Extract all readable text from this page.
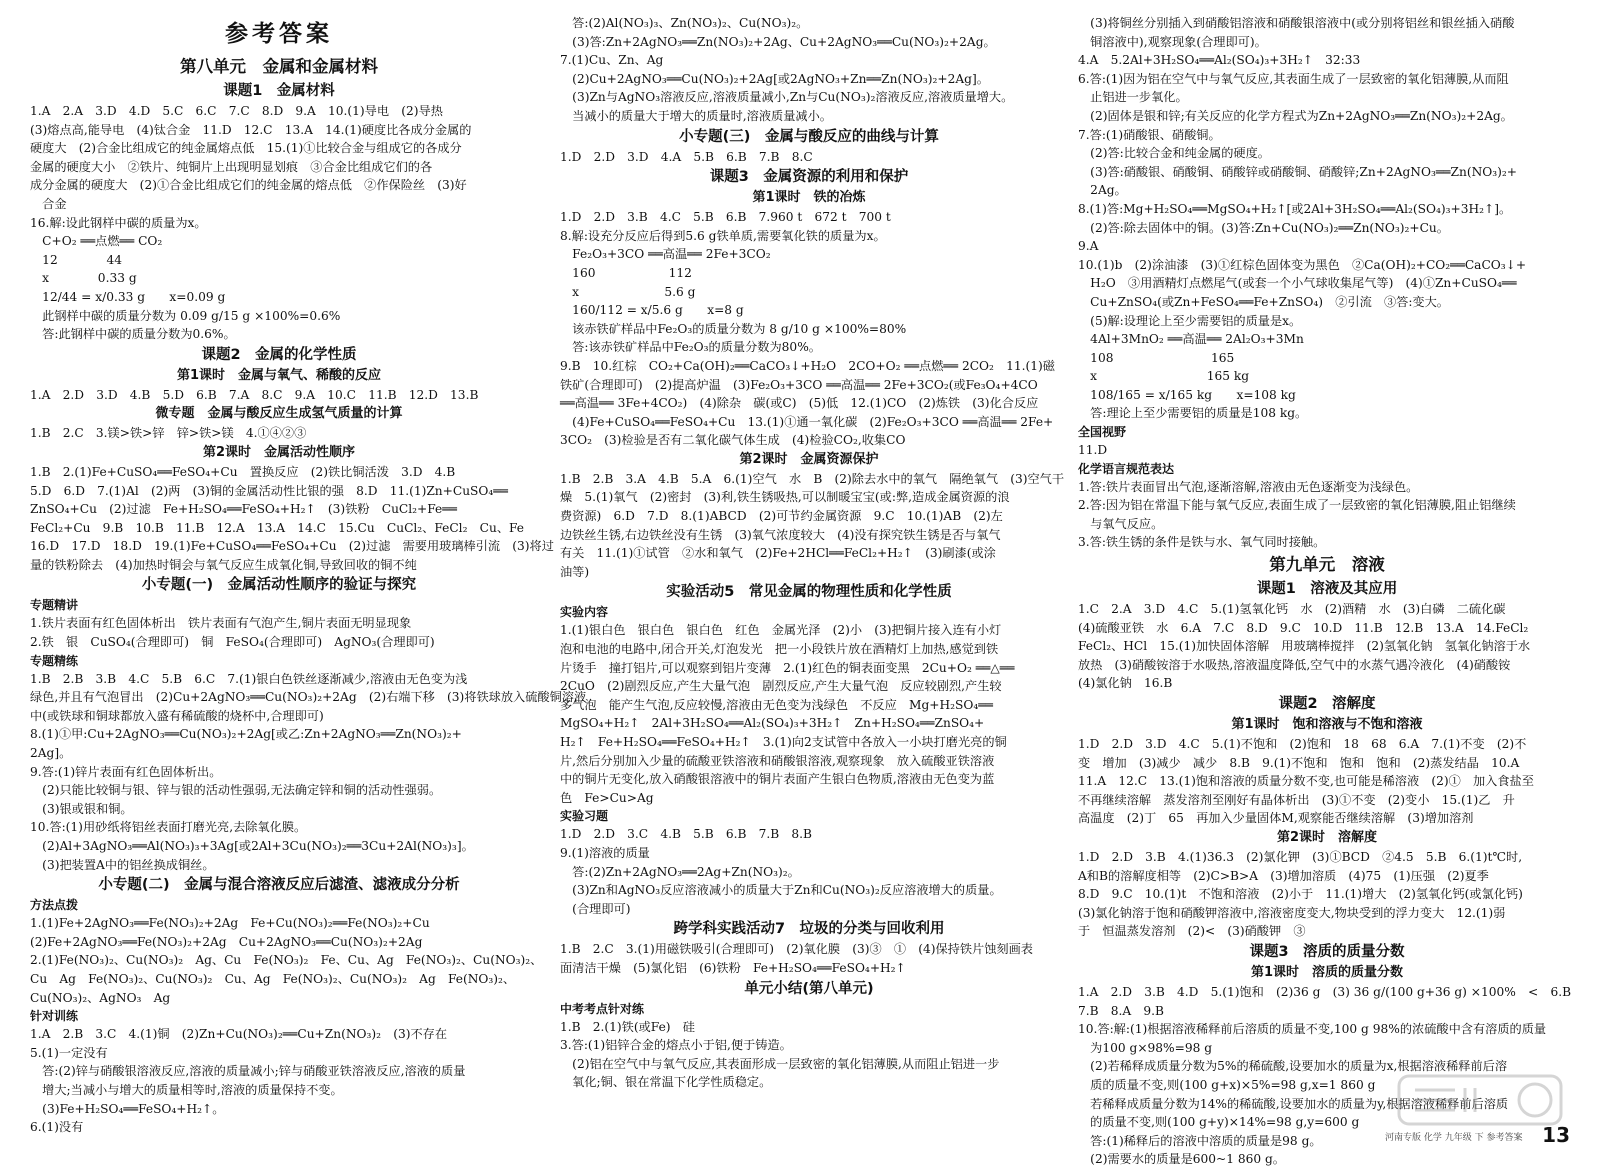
参考答案
第八单元　金属和金属材料
课题1　金属材料
1.A　2.A　3.D　4.D　5.C　6.C　7.C　8.D　9.A　10.(1)导电　(2)导热
(3)熔点高,能导电　(4)钛合金　11.D　12.C　13.A　14.(1)硬度比各成分金属的
硬度大　(2)合金比组成它的纯金属熔点低　15.(1)①比较合金与组成它的各成分
金属的硬度大小　②铁片、纯铜片上出现明显划痕　③合金比组成它们的各
成分金属的硬度大　(2)①合金比组成它们的纯金属的熔点低　②作保险丝　(3)好
　合金
16.解:设此钢样中碳的质量为x。
　C+O₂ ══点燃══ CO₂
　12　　　　44
　x　　　　0.33 g
　12/44 = x/0.33 g　　x=0.09 g
　此钢样中碳的质量分数为 0.09 g/15 g ×100%=0.6%
　答:此钢样中碳的质量分数为0.6%。
课题2　金属的化学性质
第1课时　金属与氧气、稀酸的反应
1.A　2.D　3.D　4.B　5.D　6.B　7.A　8.C　9.A　10.C　11.B　12.D　13.B
微专题　金属与酸反应生成氢气质量的计算
1.B　2.C　3.镁>铁>锌　锌>铁>镁　4.①④②③
第2课时　金属活动性顺序
1.B　2.(1)Fe+CuSO₄══FeSO₄+Cu　置换反应　(2)铁比铜活泼　3.D　4.B
5.D　6.D　7.(1)Al　(2)两　(3)铜的金属活动性比银的强　8.D　11.(1)Zn+CuSO₄══
ZnSO₄+Cu　(2)过滤　Fe+H₂SO₄══FeSO₄+H₂↑　(3)铁粉　CuCl₂+Fe══
FeCl₂+Cu　9.B　10.B　11.B　12.A　13.A　14.C　15.Cu　CuCl₂、FeCl₂　Cu、Fe
16.D　17.D　18.D　19.(1)Fe+CuSO₄══FeSO₄+Cu　(2)过滤　需要用玻璃棒引流　(3)将过
量的铁粉除去　(4)加热时铜会与氧气反应生成氧化铜,导致回收的铜不纯
小专题(一)　金属活动性顺序的验证与探究
专题精讲
1.铁片表面有红色固体析出　铁片表面有气泡产生,铜片表面无明显现象
2.铁　银　CuSO₄(合理即可)　铜　FeSO₄(合理即可)　AgNO₃(合理即可)
专题精练
1.B　2.B　3.B　4.C　5.B　6.C　7.(1)银白色铁丝逐渐减少,溶液由无色变为浅
绿色,并且有气泡冒出　(2)Cu+2AgNO₃══Cu(NO₃)₂+2Ag　(2)右端下移　(3)将铁球放入硫酸铜溶液
中(或铁球和铜球都放入盛有稀硫酸的烧杯中,合理即可)
8.(1)①甲:Cu+2AgNO₃══Cu(NO₃)₂+2Ag[或乙:Zn+2AgNO₃══Zn(NO₃)₂+
2Ag]。
9.答:(1)锌片表面有红色固体析出。
　(2)只能比较铜与银、锌与银的活动性强弱,无法确定锌和铜的活动性强弱。
　(3)银或银和铜。
10.答:(1)用砂纸将铝丝表面打磨光亮,去除氧化膜。
　(2)Al+3AgNO₃══Al(NO₃)₃+3Ag[或2Al+3Cu(NO₃)₂══3Cu+2Al(NO₃)₃]。
　(3)把装置A中的铝丝换成铜丝。
小专题(二)　金属与混合溶液反应后滤渣、滤液成分分析
方法点拨
1.(1)Fe+2AgNO₃══Fe(NO₃)₂+2Ag　Fe+Cu(NO₃)₂══Fe(NO₃)₂+Cu
(2)Fe+2AgNO₃══Fe(NO₃)₂+2Ag　Cu+2AgNO₃══Cu(NO₃)₂+2Ag
2.(1)Fe(NO₃)₂、Cu(NO₃)₂　Ag、Cu　Fe(NO₃)₂　Fe、Cu、Ag　Fe(NO₃)₂、Cu(NO₃)₂、
Cu　Ag　Fe(NO₃)₂、Cu(NO₃)₂　Cu、Ag　Fe(NO₃)₂、Cu(NO₃)₂　Ag　Fe(NO₃)₂、
Cu(NO₃)₂、AgNO₃　Ag
针对训练
1.A　2.B　3.C　4.(1)铜　(2)Zn+Cu(NO₃)₂══Cu+Zn(NO₃)₂　(3)不存在
5.(1)一定没有
　答:(2)锌与硝酸银溶液反应,溶液的质量减小;锌与硝酸亚铁溶液反应,溶液的质量
　增大;当减小与增大的质量相等时,溶液的质量保持不变。
　(3)Fe+H₂SO₄══FeSO₄+H₂↑。
6.(1)没有
　答:(2)Al(NO₃)₃、Zn(NO₃)₂、Cu(NO₃)₂。
　(3)答:Zn+2AgNO₃══Zn(NO₃)₂+2Ag、Cu+2AgNO₃══Cu(NO₃)₂+2Ag。
7.(1)Cu、Zn、Ag
　(2)Cu+2AgNO₃══Cu(NO₃)₂+2Ag[或2AgNO₃+Zn══Zn(NO₃)₂+2Ag]。
　(3)Zn与AgNO₃溶液反应,溶液质量减小,Zn与Cu(NO₃)₂溶液反应,溶液质量增大。
　当减小的质量大于增大的质量时,溶液质量减小。
小专题(三)　金属与酸反应的曲线与计算
1.D　2.D　3.D　4.A　5.B　6.B　7.B　8.C
课题3　金属资源的利用和保护
第1课时　铁的冶炼
1.D　2.D　3.B　4.C　5.B　6.B　7.960 t　672 t　700 t
8.解:设充分反应后得到5.6 g铁单质,需要氧化铁的质量为x。
　Fe₂O₃+3CO ══高温══ 2Fe+3CO₂
　160　　　　　　112
　x　　　　　　　5.6 g
　160/112 = x/5.6 g　　x=8 g
　该赤铁矿样品中Fe₂O₃的质量分数为 8 g/10 g ×100%=80%
　答:该赤铁矿样品中Fe₂O₃的质量分数为80%。
9.B　10.红棕　CO₂+Ca(OH)₂══CaCO₃↓+H₂O　2CO+O₂ ══点燃══ 2CO₂　11.(1)磁
铁矿(合理即可)　(2)提高炉温　(3)Fe₂O₃+3CO ══高温══ 2Fe+3CO₂(或Fe₃O₄+4CO
══高温══ 3Fe+4CO₂)　(4)除杂　碳(或C)　(5)低　12.(1)CO　(2)炼铁　(3)化合反应
　(4)Fe+CuSO₄══FeSO₄+Cu　13.(1)①通一氧化碳　(2)Fe₂O₃+3CO ══高温══ 2Fe+
3CO₂　(3)检验是否有二氧化碳气体生成　(4)检验CO₂,收集CO
第2课时　金属资源保护
1.B　2.B　3.A　4.B　5.A　6.(1)空气　水　B　(2)除去水中的氧气　隔绝氧气　(3)空气干
燥　5.(1)氧气　(2)密封　(3)利,铁生锈吸热,可以制暖宝宝(或:弊,造成金属资源的浪
费资源)　6.D　7.D　8.(1)ABCD　(2)可节约金属资源　9.C　10.(1)AB　(2)左
边铁丝生锈,右边铁丝没有生锈　(3)氧气浓度较大　(4)没有探究铁生锈是否与氧气
有关　11.(1)①试管　②水和氧气　(2)Fe+2HCl══FeCl₂+H₂↑　(3)刷漆(或涂
油等)
实验活动5　常见金属的物理性质和化学性质
实验内容
1.(1)银白色　银白色　银白色　红色　金属光泽　(2)小　(3)把铜片接入连有小灯
泡和电池的电路中,闭合开关,灯泡发光　把一小段铁片放在酒精灯上加热,感觉到铁
片烫手　撞打铝片,可以观察到铝片变薄　2.(1)红色的铜表面变黑　2Cu+O₂ ══△══
2CuO　(2)剧烈反应,产生大量气泡　剧烈反应,产生大量气泡　反应较剧烈,产生较
多气泡　能产生气泡,反应较慢,溶液由无色变为浅绿色　不反应　Mg+H₂SO₄══
MgSO₄+H₂↑　2Al+3H₂SO₄══Al₂(SO₄)₃+3H₂↑　Zn+H₂SO₄══ZnSO₄+
H₂↑　Fe+H₂SO₄══FeSO₄+H₂↑　3.(1)向2支试管中各放入一小块打磨光亮的铜
片,然后分别加入少量的硫酸亚铁溶液和硝酸银溶液,观察现象　放入硫酸亚铁溶液
中的铜片无变化,放入硝酸银溶液中的铜片表面产生银白色物质,溶液由无色变为蓝
色　Fe>Cu>Ag
实验习题
1.D　2.D　3.C　4.B　5.B　6.B　7.B　8.B
9.(1)溶液的质量
　答:(2)Zn+2AgNO₃══2Ag+Zn(NO₃)₂。
　(3)Zn和AgNO₃反应溶液减小的质量大于Zn和Cu(NO₃)₂反应溶液增大的质量。
　(合理即可)
跨学科实践活动7　垃圾的分类与回收利用
1.B　2.C　3.(1)用磁铁吸引(合理即可)　(2)氧化膜　(3)③　①　(4)保持铁片蚀刻画表
面清洁干燥　(5)氯化铝　(6)铁粉　Fe+H₂SO₄══FeSO₄+H₂↑
单元小结(第八单元)
中考考点针对练
1.B　2.(1)铁(或Fe)　硅
3.答:(1)铝锌合金的熔点小于铝,便于铸造。
　(2)铝在空气中与氧气反应,其表面形成一层致密的氧化铝薄膜,从而阻止铝进一步
　氧化;铜、银在常温下化学性质稳定。
　(3)将铜丝分别插入到硝酸铝溶液和硝酸银溶液中(或分别将铝丝和银丝插入硝酸
　铜溶液中),观察现象(合理即可)。
4.A　5.2Al+3H₂SO₄══Al₂(SO₄)₃+3H₂↑　32:33
6.答:(1)因为铝在空气中与氧气反应,其表面生成了一层致密的氧化铝薄膜,从而阻
　止铝进一步氧化。
　(2)固体是银和锌;有关反应的化学方程式为Zn+2AgNO₃══Zn(NO₃)₂+2Ag。
7.答:(1)硝酸银、硝酸铜。
　(2)答:比较合金和纯金属的硬度。
　(3)答:硝酸银、硝酸铜、硝酸锌或硝酸铜、硝酸锌;Zn+2AgNO₃══Zn(NO₃)₂+
　2Ag。
8.(1)答:Mg+H₂SO₄══MgSO₄+H₂↑[或2Al+3H₂SO₄══Al₂(SO₄)₃+3H₂↑]。
　(2)答:除去固体中的铜。(3)答:Zn+Cu(NO₃)₂══Zn(NO₃)₂+Cu。
9.A
10.(1)b　(2)涂油漆　(3)①红棕色固体变为黑色　②Ca(OH)₂+CO₂══CaCO₃↓+
　H₂O　③用酒精灯点燃尾气(或套一个小气球收集尾气等)　(4)①Zn+CuSO₄══
　Cu+ZnSO₄(或Zn+FeSO₄══Fe+ZnSO₄)　②引流　③答:变大。
　(5)解:设理论上至少需要铝的质量是x。
　4Al+3MnO₂ ══高温══ 2Al₂O₃+3Mn
　108　　　　　　　　165
　x　　　　　　　　　165 kg
　108/165 = x/165 kg　　x=108 kg
　答:理论上至少需要铝的质量是108 kg。
全国视野
11.D
化学语言规范表达
1.答:铁片表面冒出气泡,逐渐溶解,溶液由无色逐渐变为浅绿色。
2.答:因为铝在常温下能与氧气反应,表面生成了一层致密的氧化铝薄膜,阻止铝继续
　与氧气反应。
3.答:铁生锈的条件是铁与水、氧气同时接触。
第九单元　溶液
课题1　溶液及其应用
1.C　2.A　3.D　4.C　5.(1)氢氧化钙　水　(2)酒精　水　(3)白磷　二硫化碳
(4)硫酸亚铁　水　6.A　7.C　8.D　9.C　10.D　11.B　12.B　13.A　14.FeCl₂
FeCl₂、HCl　15.(1)加快固体溶解　用玻璃棒搅拌　(2)氢氧化钠　氢氧化钠溶于水
放热　(3)硝酸铵溶于水吸热,溶液温度降低,空气中的水蒸气遇冷液化　(4)硝酸铵
(4)氯化钠　16.B
课题2　溶解度
第1课时　饱和溶液与不饱和溶液
1.D　2.D　3.D　4.C　5.(1)不饱和　(2)饱和　18　68　6.A　7.(1)不变　(2)不
变　增加　(3)减少　减少　8.B　9.(1)不饱和　饱和　饱和　(2)蒸发结晶　10.A
11.A　12.C　13.(1)饱和溶液的质量分数不变,也可能是稀溶液　(2)①　加入食盐至
不再继续溶解　蒸发溶剂至刚好有晶体析出　(3)①不变　(2)变小　15.(1)乙　升
高温度　(2)丁　65　再加入少量固体M,观察能否继续溶解　(3)增加溶剂
第2课时　溶解度
1.D　2.D　3.B　4.(1)36.3　(2)氯化钾　(3)①BCD　②4.5　5.B　6.(1)t℃时,
A和B的溶解度相等　(2)C>B>A　(3)增加溶质　(4)75　(1)压强　(2)夏季
8.D　9.C　10.(1)t　不饱和溶液　(2)小于　11.(1)增大　(2)氢氧化钙(或氯化钙)
(3)氯化钠溶于饱和硝酸钾溶液中,溶液密度变大,物块受到的浮力变大　12.(1)弱
于　恒温蒸发溶剂　(2)<　(3)硝酸钾　③
课题3　溶质的质量分数
第1课时　溶质的质量分数
1.A　2.D　3.B　4.D　5.(1)饱和　(2)36 g　(3) 36 g/(100 g+36 g) ×100%　<　6.B
7.B　8.A　9.B
10.答:解:(1)根据溶液稀释前后溶质的质量不变,100 g 98%的浓硫酸中含有溶质的质量
　为100 g×98%=98 g
　(2)若稀释成质量分数为5%的稀硫酸,设要加水的质量为x,根据溶液稀释前后溶
　质的质量不变,则(100 g+x)×5%=98 g,x=1 860 g
　若稀释成质量分数为14%的稀硫酸,设要加水的质量为y,根据溶液稀释前后溶质
　的质量不变,则(100 g+y)×14%=98 g,y=600 g
　答:(1)稀释后的溶液中溶质的质量是98 g。
　(2)需要水的质量是600~1 860 g。
河南专版 化学 九年级 下 参考答案 13
